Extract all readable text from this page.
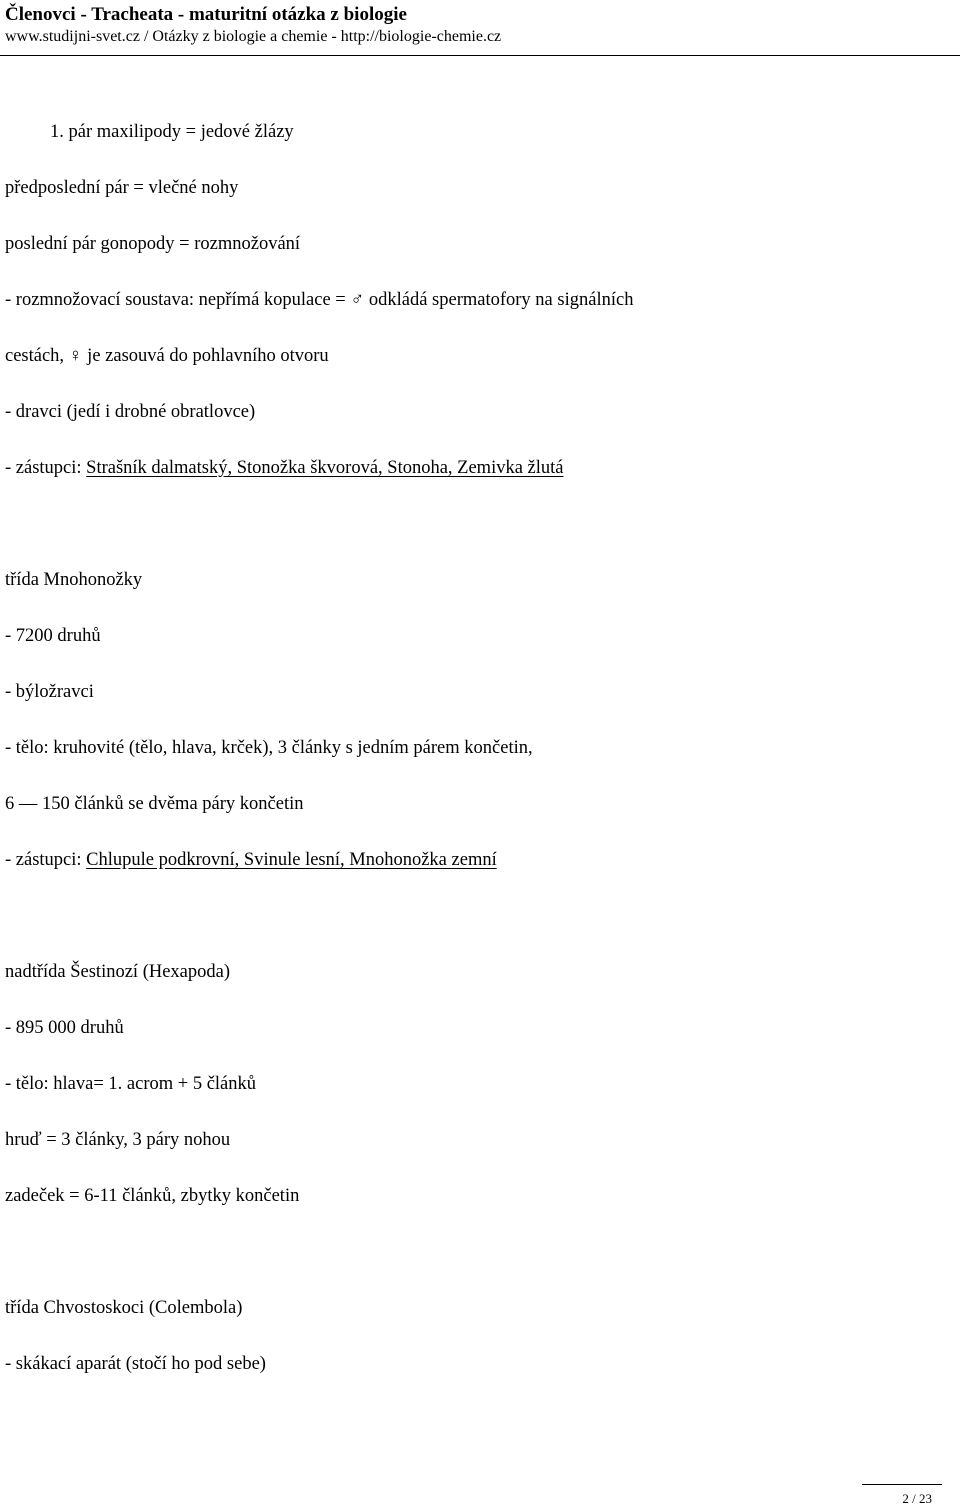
Členovci - Tracheata - maturitní otázka z biologie
www.studijni-svet.cz / Otázky z biologie a chemie - http://biologie-chemie.cz
1. pár maxilipody = jedové žlázy
předposlední pár = vlečné nohy
poslední pár gonopody = rozmnožování
- rozmnožovací soustava: nepřímá kopulace = ♂ odkládá spermatofory na signálních
cestách, ♀ je zasouvá do pohlavního otvoru
- dravci (jedí i drobné obratlovce)
- zástupci: Strašník dalmatský, Stonožka škvorová, Stonoha, Zemivka žlutá
třída Mnohonožky
- 7200 druhů
- býložravci
- tělo: kruhovité (tělo, hlava, krček), 3 články s jedním párem končetin,
6 — 150 článků se dvěma páry končetin
- zástupci: Chlupule podkrovní, Svinule lesní, Mnohonožka zemní
nadtřída Šestinozí (Hexapoda)
- 895 000 druhů
- tělo: hlava= 1. acrom + 5 článků
hruď = 3 články, 3 páry nohou
zadeček = 6-11 článků, zbytky končetin
třída Chvostoskoci (Colembola)
- skákací aparát (stočí ho pod sebe)
2 / 23
